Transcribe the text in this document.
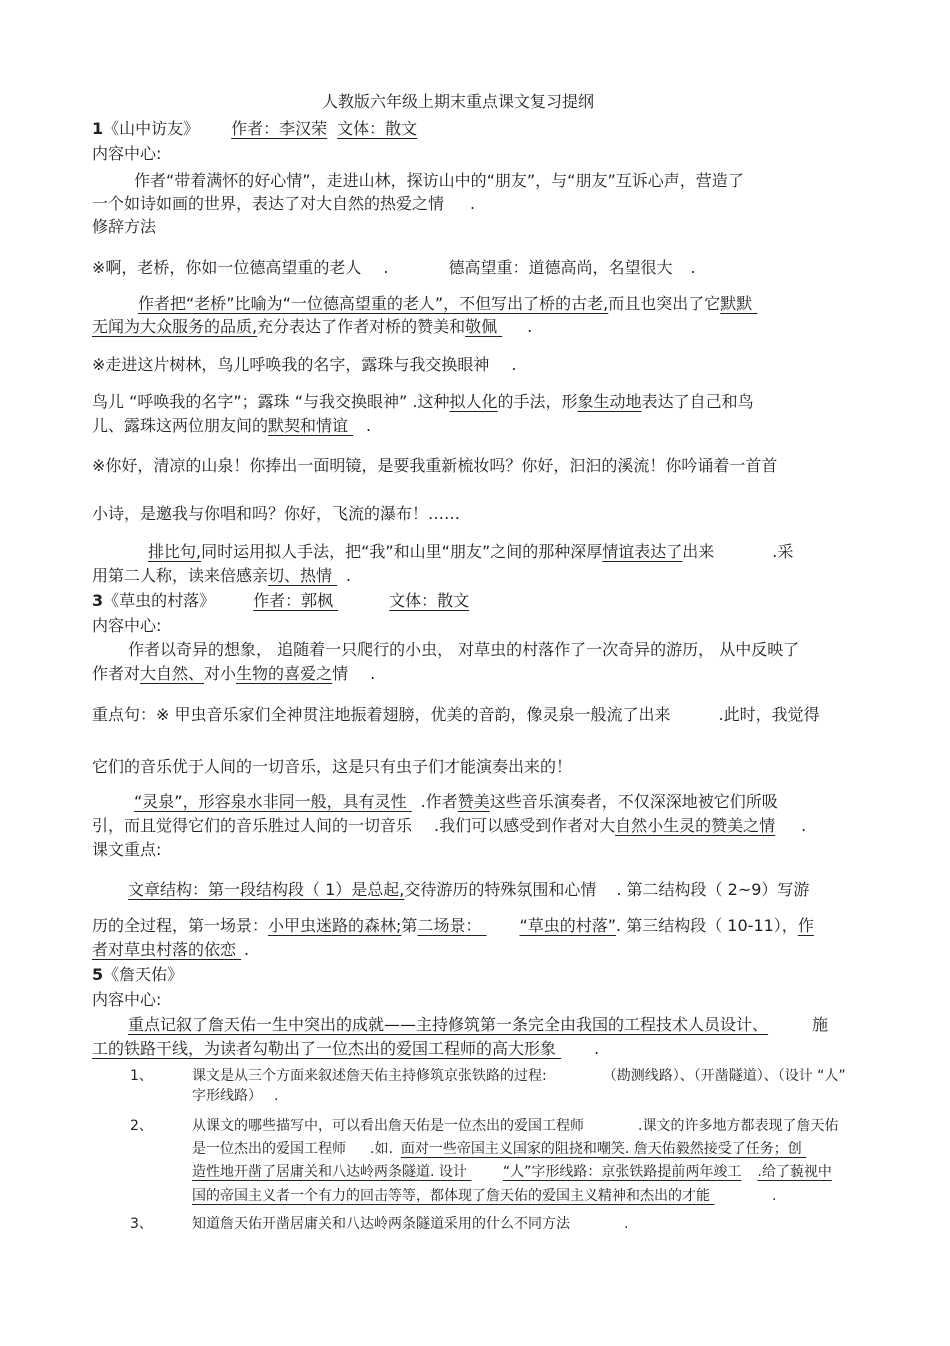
人教版六年级上期末重点课文复习提纲
1《山中访友》 作者：李汉荣 文体：散文
内容中心:
作者“带着满怀的好心情”，走进山林，探访山中的“朋友”，与“朋友”互诉心声，营造了
一个如诗如画的世界，表达了对大自然的热爱之情 .
修辞方法
※啊，老桥，你如一位德高望重的老人 .	德高望重：道德高尚，名望很大 .
作者把“老桥”比喻为“一位德高望重的老人”，不但写出了桥的古老,而且也突出了它默默
无闻为大众服务的品质,充分表达了作者对桥的赞美和敬佩 .
※走进这片树林，鸟儿呼唤我的名字，露珠与我交换眼神 .
鸟儿 “呼唤我的名字”；露珠 “与我交换眼神” .这种拟人化的手法，形象生动地表达了自己和鸟
儿、露珠这两位朋友间的默契和情谊 .
※你好，清凉的山泉！你捧出一面明镜，是要我重新梳妆吗？你好，汩汩的溪流！你吟诵着一首首
小诗，是邀我与你唱和吗？你好，飞流的瀑布！……
排比句,同时运用拟人手法，把“我”和山里“朋友”之间的那种深厚情谊表达了出来	.采
用第二人称，读来倍感亲切、热情 .
3《草虫的村落》 作者：郭枫	文体：散文
内容中心:
作者以奇异的想象， 追随着一只爬行的小虫， 对草虫的村落作了一次奇异的游历， 从中反映了
作者对大自然、对小生物的喜爱之情 .
重点句：※ 甲虫音乐家们全神贯注地振着翅膀，优美的音韵，像灵泉一般流了出来	.此时，我觉得
它们的音乐优于人间的一切音乐，这是只有虫子们才能演奏出来的！
“灵泉”，形容泉水非同一般，具有灵性 .作者赞美这些音乐演奏者，不仅深深地被它们所吸
引，而且觉得它们的音乐胜过人间的一切音乐 .我们可以感受到作者对大自然小生灵的赞美之情 .
课文重点:
文章结构：第一段结构段（ 1）是总起,交待游历的特殊氛围和心情 . 第二结构段（ 2~9）写游
历的全过程，第一场景：小甲虫迷路的森林;第二场景： “草虫的村落”. 第三结构段（ 10-11），作
者对草虫村落的依恋 .
5《詹天佑》
内容中心:
重点记叙了詹天佑一生中突出的成就——主持修筑第一条完全由我国的工程技术人员设计、	施
工的铁路干线，为读者勾勒出了一位杰出的爱国工程师的高大形象 .
1、	课文是从三个方面来叙述詹天佑主持修筑京张铁路的过程:	（勘测线路）、（开凿隧道）、（设计 “人”
字形线路） .
2、	从课文的哪些描写中，可以看出詹天佑是一位杰出的爱国工程师	.课文的许多地方都表现了詹天佑
是一位杰出的爱国工程师 .如. 面对一些帝国主义国家的阻挠和嘲笑. 詹天佑毅然接受了任务；创
造性地开凿了居庸关和八达岭两条隧道. 设计	“人”字形线路：京张铁路提前两年竣工 .给了藐视中
国的帝国主义者一个有力的回击等等，都体现了詹天佑的爱国主义精神和杰出的才能	.
3、	知道詹天佑开凿居庸关和八达岭两条隧道采用的什么不同方法	.
